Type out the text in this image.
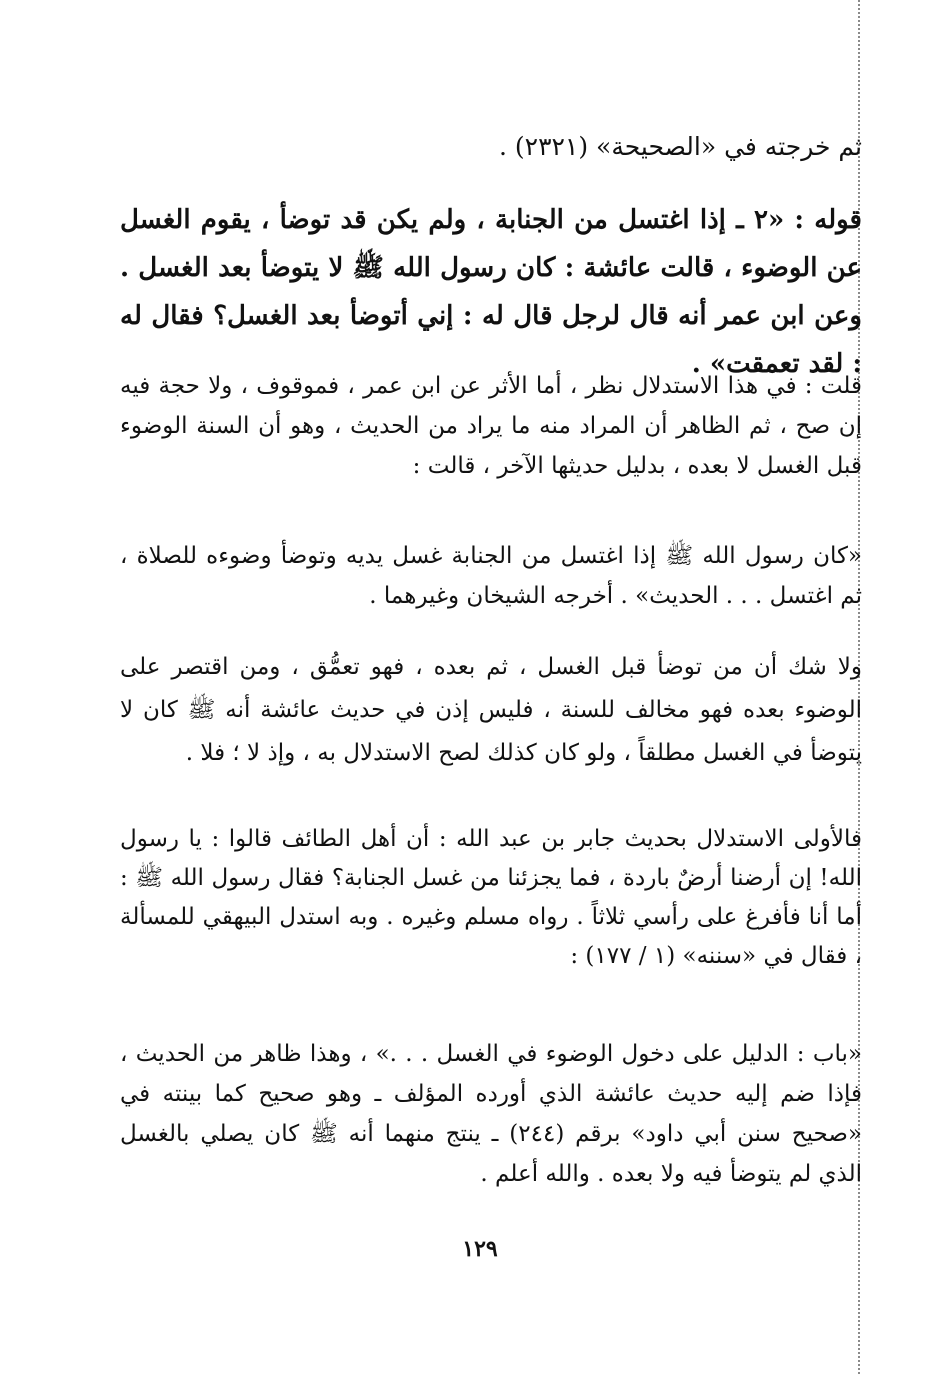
ثم خرجته في «الصحيحة» (٢٣٢١) .
قوله : «٢ ـ إذا اغتسل من الجنابة ، ولم يكن قد توضأ ، يقوم الغسل عن الوضوء ، قالت عائشة : كان رسول الله ﷺ لا يتوضأ بعد الغسل . وعن ابن عمر أنه قال لرجل قال له : إني أتوضأ بعد الغسل؟ فقال له : لقد تعمقت» .
قلت : في هذا الاستدلال نظر ، أما الأثر عن ابن عمر ، فموقوف ، ولا حجة فيه إن صح ، ثم الظاهر أن المراد منه ما يراد من الحديث ، وهو أن السنة الوضوء قبل الغسل لا بعده ، بدليل حديثها الآخر ، قالت :
«كان رسول الله ﷺ إذا اغتسل من الجنابة غسل يديه وتوضأ وضوءه للصلاة ، ثم اغتسل . . . الحديث» . أخرجه الشيخان وغيرهما .
ولا شك أن من توضأ قبل الغسل ، ثم بعده ، فهو تعمُّق ، ومن اقتصر على الوضوء بعده فهو مخالف للسنة ، فليس إذن في حديث عائشة أنه ﷺ كان لا يتوضأ في الغسل مطلقاً ، ولو كان كذلك لصح الاستدلال به ، وإذ لا ؛ فلا .
فالأولى الاستدلال بحديث جابر بن عبد الله : أن أهل الطائف قالوا : يا رسول الله! إن أرضنا أرضٌ باردة ، فما يجزئنا من غسل الجنابة؟ فقال رسول الله ﷺ : أما أنا فأفرغ على رأسي ثلاثاً . رواه مسلم وغيره . وبه استدل البيهقي للمسألة ، فقال في «سننه» (١ / ١٧٧) :
«باب : الدليل على دخول الوضوء في الغسل . . .» ، وهذا ظاهر من الحديث ، فإذا ضم إليه حديث عائشة الذي أورده المؤلف ـ وهو صحيح كما بينته في «صحيح سنن أبي داود» برقم (٢٤٤) ـ ينتج منهما أنه ﷺ كان يصلي بالغسل الذي لم يتوضأ فيه ولا بعده . والله أعلم .
١٢٩
